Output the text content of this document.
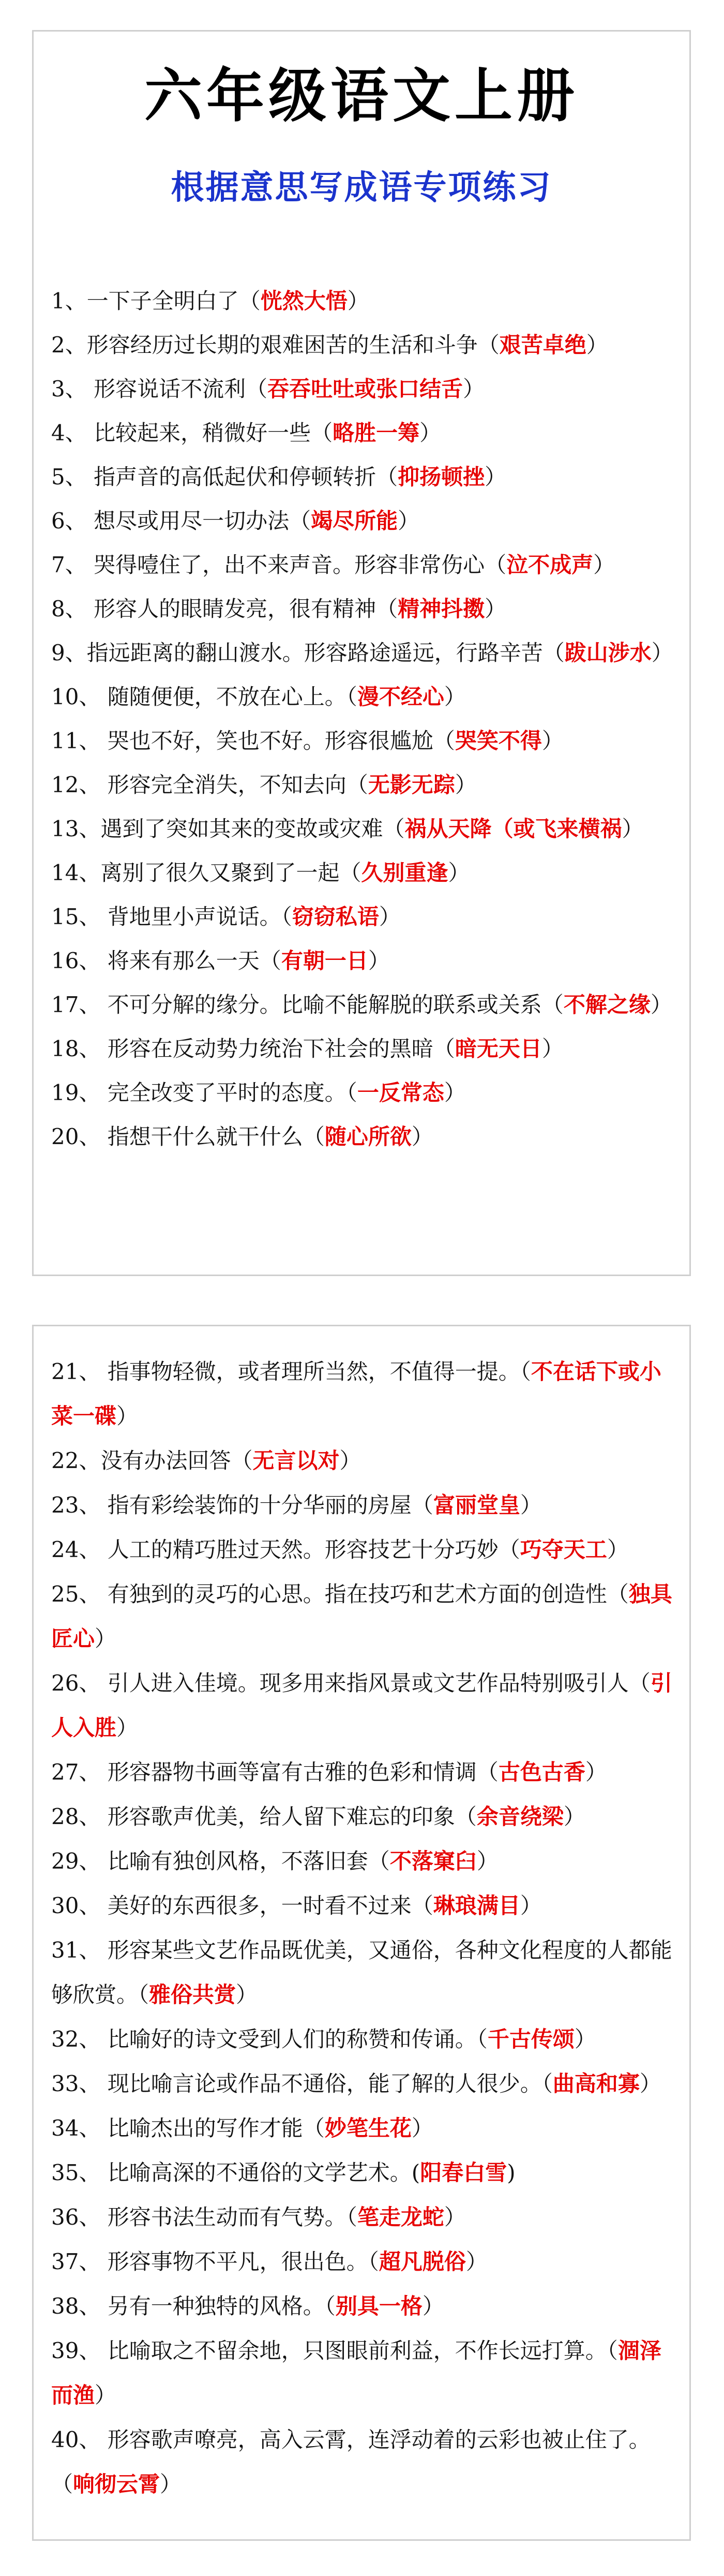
六年级语文上册
根据意思写成语专项练习

1、一下子全明白了（恍然大悟）

2、形容经历过长期的艰难困苦的生活和斗争（艰苦卓绝）

3、 形容说话不流利（吞吞吐吐或张口结舌）

4、 比较起来，稍微好一些（略胜一筹）

5、 指声音的高低起伏和停顿转折（抑扬顿挫）

6、 想尽或用尽一切办法（竭尽所能）

7、 哭得噎住了，出不来声音。形容非常伤心（泣不成声）

8、 形容人的眼睛发亮，很有精神（精神抖擞）

9、指远距离的翻山渡水。形容路途遥远，行路辛苦（跋山涉水）

10、 随随便便，不放在心上。（漫不经心）

11、 哭也不好，笑也不好。形容很尴尬（哭笑不得）

12、 形容完全消失，不知去向（无影无踪）

13、遇到了突如其来的变故或灾难（祸从天降（或飞来横祸）

14、离别了很久又聚到了一起（久别重逢）

15、 背地里小声说话。（窃窃私语）

16、 将来有那么一天（有朝一日）

17、 不可分解的缘分。比喻不能解脱的联系或关系（不解之缘）

18、 形容在反动势力统治下社会的黑暗（暗无天日）

19、 完全改变了平时的态度。（一反常态）

20、 指想干什么就干什么（随心所欲）

21、 指事物轻微，或者理所当然，不值得一提。（不在话下或小菜一碟）

22、没有办法回答（无言以对）

23、 指有彩绘装饰的十分华丽的房屋（富丽堂皇）

24、 人工的精巧胜过天然。形容技艺十分巧妙（巧夺天工）

25、 有独到的灵巧的心思。指在技巧和艺术方面的创造性（独具匠心）

26、 引人进入佳境。现多用来指风景或文艺作品特别吸引人（引人入胜）

27、 形容器物书画等富有古雅的色彩和情调（古色古香）

28、 形容歌声优美，给人留下难忘的印象（余音绕梁）

29、 比喻有独创风格，不落旧套（不落窠臼）

30、 美好的东西很多，一时看不过来（琳琅满目）

31、 形容某些文艺作品既优美，又通俗，各种文化程度的人都能够欣赏。（雅俗共赏）

32、 比喻好的诗文受到人们的称赞和传诵。（千古传颂）

33、 现比喻言论或作品不通俗，能了解的人很少。（曲高和寡）

34、 比喻杰出的写作才能（妙笔生花）

35、 比喻高深的不通俗的文学艺术。(阳春白雪)

36、 形容书法生动而有气势。（笔走龙蛇）

37、 形容事物不平凡，很出色。（超凡脱俗）

38、 另有一种独特的风格。（别具一格）

39、 比喻取之不留余地，只图眼前利益，不作长远打算。（涸泽而渔）

40、 形容歌声嘹亮，高入云霄，连浮动着的云彩也被止住了。（响彻云霄）
